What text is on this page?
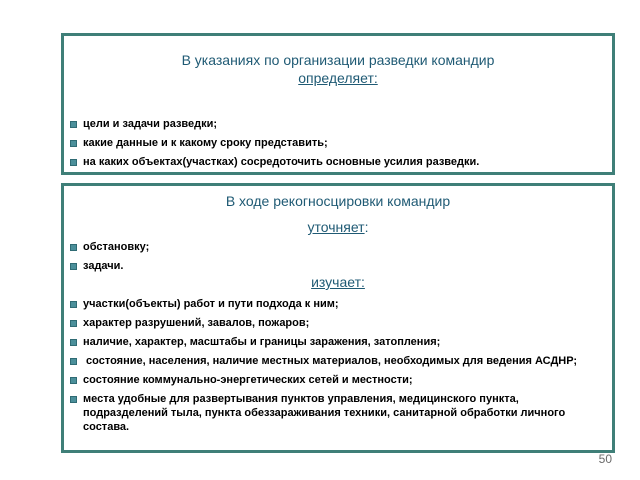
В указаниях по организации разведки командир
определяет:
цели и задачи разведки;
какие данные и к какому сроку представить;
на каких объектах(участках) сосредоточить основные усилия разведки.
В ходе рекогносцировки командир
уточняет:
обстановку;
задачи.
изучает:
участки(объекты) работ и пути подхода к ним;
характер разрушений, завалов, пожаров;
наличие, характер, масштабы и границы заражения, затопления;
состояние, населения, наличие местных материалов, необходимых для ведения АСДНР;
состояние коммунально-энергетических сетей и местности;
места удобные для развертывания пунктов управления, медицинского пункта, подразделений тыла, пункта обеззараживания техники, санитарной обработки личного состава.
50
